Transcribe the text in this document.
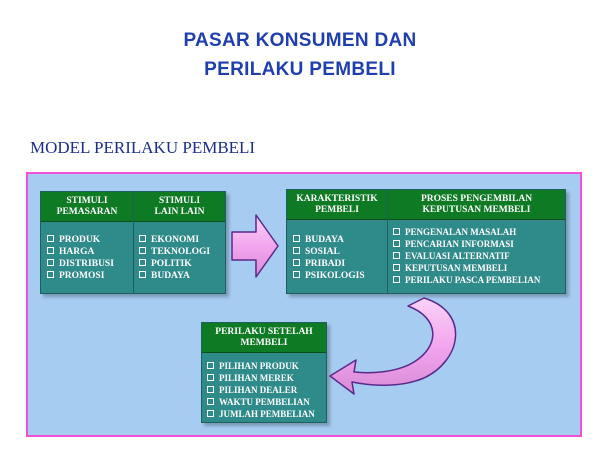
PASAR KONSUMEN DAN
PERILAKU PEMBELI
MODEL PERILAKU PEMBELI
STIMULI
PEMASARAN
STIMULI
LAIN LAIN
PRODUK
HARGA
DISTRIBUSI
PROMOSI
EKONOMI
TEKNOLOGI
POLITIK
BUDAYA
KARAKTERISTIK
PEMBELI
PROSES PENGEMBILAN
KEPUTUSAN MEMBELI
BUDAYA
SOSIAL
PRIBADI
PSIKOLOGIS
PENGENALAN MASALAH
PENCARIAN INFORMASI
EVALUASI ALTERNATIF
KEPUTUSAN MEMBELI
PERILAKU PASCA PEMBELIAN
PERILAKU SETELAH
MEMBELI
PILIHAN PRODUK
PILIHAN MEREK
PILIHAN DEALER
WAKTU PEMBELIAN
JUMLAH PEMBELIAN
